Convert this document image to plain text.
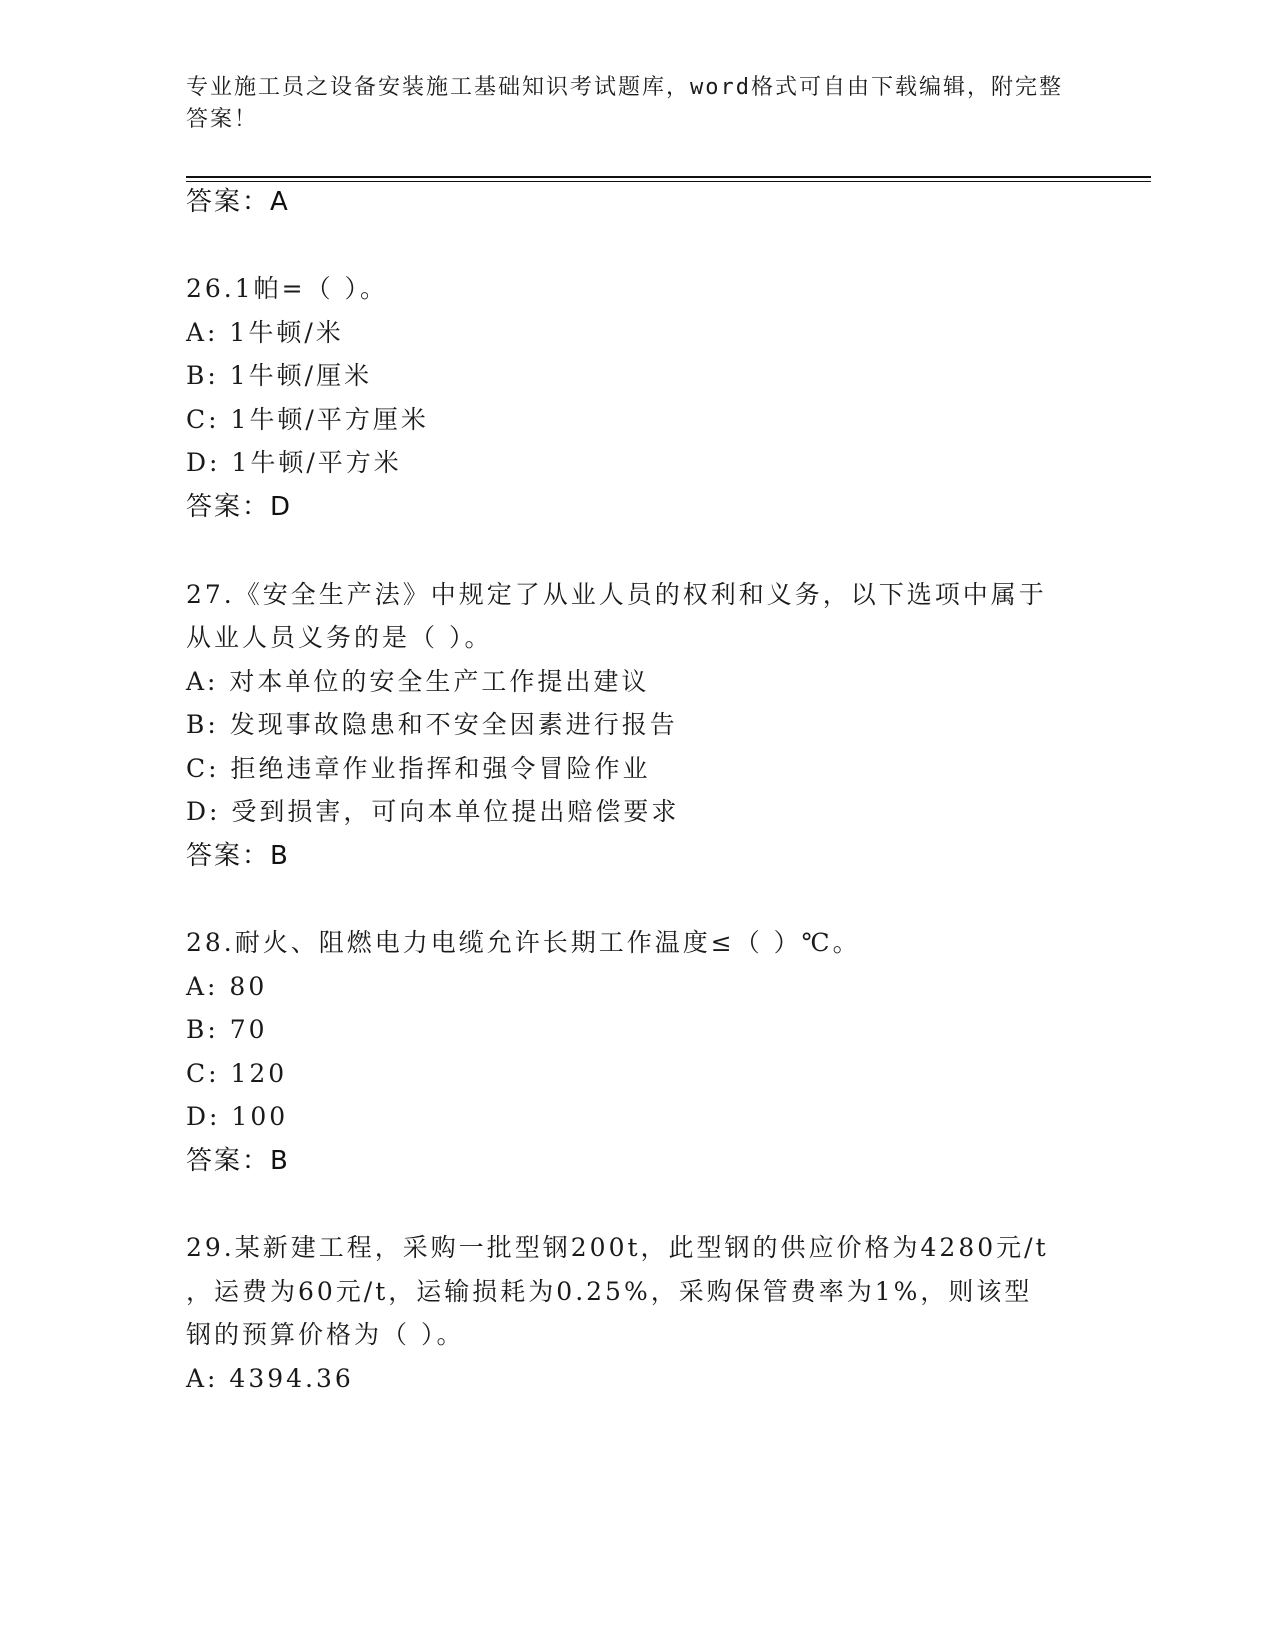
专业施工员之设备安装施工基础知识考试题库，word格式可自由下载编辑，附完整答案！
答案：A
26.1帕=（ ）。
A: 1牛顿/米
B: 1牛顿/厘米
C: 1牛顿/平方厘米
D: 1牛顿/平方米
答案：D
27.《安全生产法》中规定了从业人员的权利和义务，以下选项中属于
从业人员义务的是（ ）。
A: 对本单位的安全生产工作提出建议
B: 发现事故隐患和不安全因素进行报告
C: 拒绝违章作业指挥和强令冒险作业
D: 受到损害，可向本单位提出赔偿要求
答案：B
28.耐火、阻燃电力电缆允许长期工作温度≤（ ）℃。
A: 80
B: 70
C: 120
D: 100
答案：B
29.某新建工程，采购一批型钢200t，此型钢的供应价格为4280元/t
，运费为60元/t，运输损耗为0.25%，采购保管费率为1%，则该型
钢的预算价格为（ ）。
A: 4394.36
